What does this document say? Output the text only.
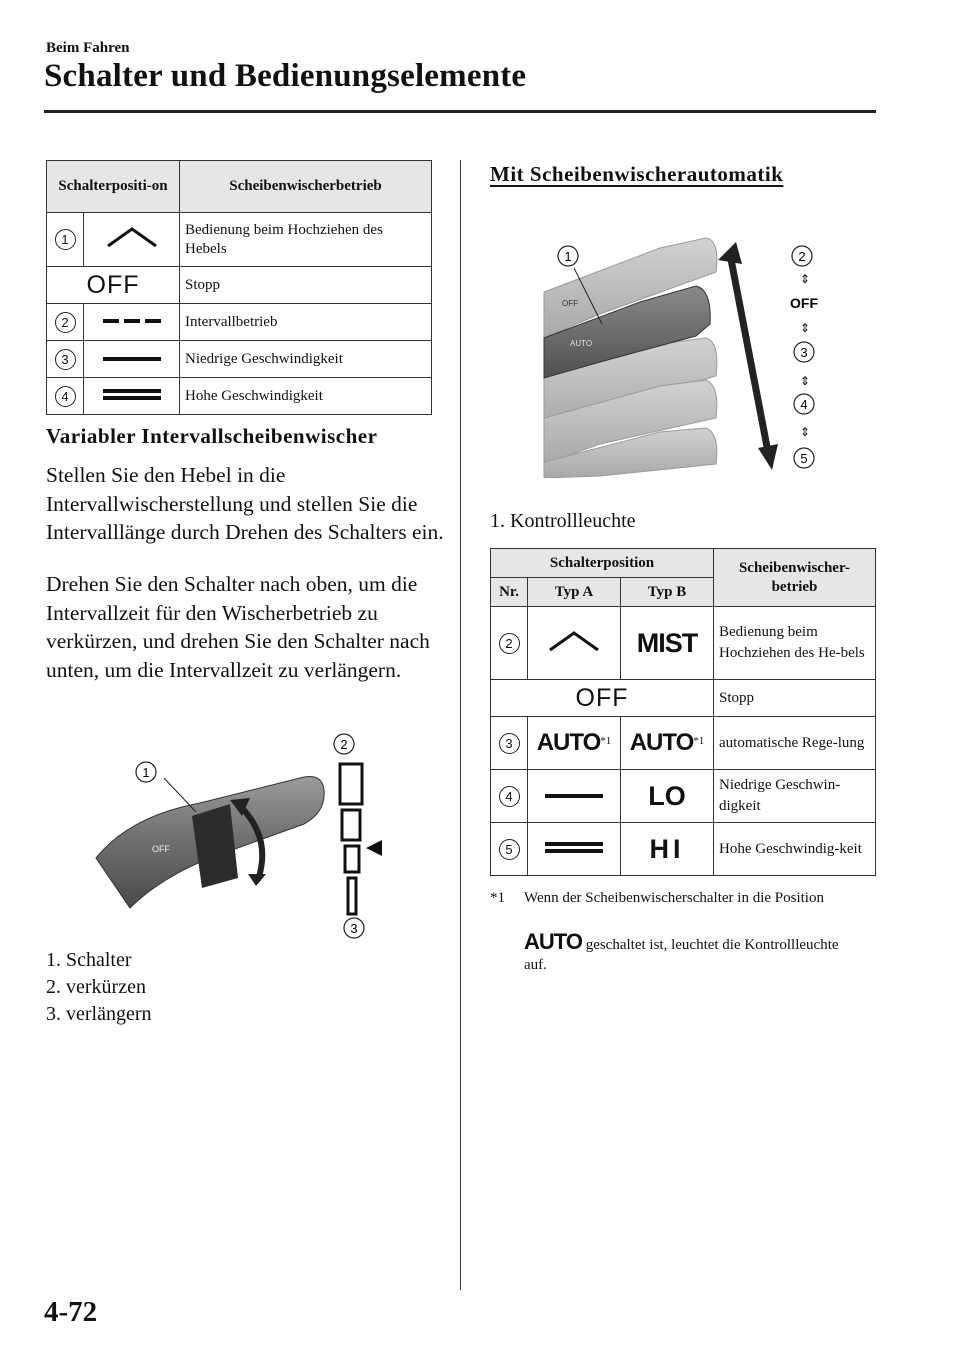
Beim Fahren
Schalter und Bedienungselemente
Schalterpositi-on		Scheibenwischerbetrieb
1		Bedienung beim Hochziehen des Hebels
OFF		Stopp
2		Intervallbetrieb
3		Niedrige Geschwindigkeit
4		Hohe Geschwindigkeit
Variabler Intervallscheibenwischer
Stellen Sie den Hebel in die Intervallwischerstellung und stellen Sie die Intervalllänge durch Drehen des Schalters ein.
Drehen Sie den Schalter nach oben, um die Intervallzeit für den Wischerbetrieb zu verkürzen, und drehen Sie den Schalter nach unten, um die Intervallzeit zu verlängern.
OFF
1
2
3
1. Schalter
2. verkürzen
3. verlängern
Mit Scheibenwischerautomatik
OFF
AUTO
1	2
⇕
OFF
⇕
3
⇕
4
⇕
5
1. Kontrollleuchte
Schalterposition			Scheibenwischer-betrieb
Nr.	Typ A	Typ B	
2		MIST	Bedienung beim Hochziehen des He-bels
OFF			Stopp
3	AUTO$^{*1}$	AUTO$^{*1}$	automatische Rege-lung
4		LO	Niedrige Geschwin-digkeit
5		HI	Hohe Geschwindig-keit
*1	Wenn der Scheibenwischerschalter in die Position
AUTO geschaltet ist, leuchtet die Kontrollleuchte auf.
4-72
